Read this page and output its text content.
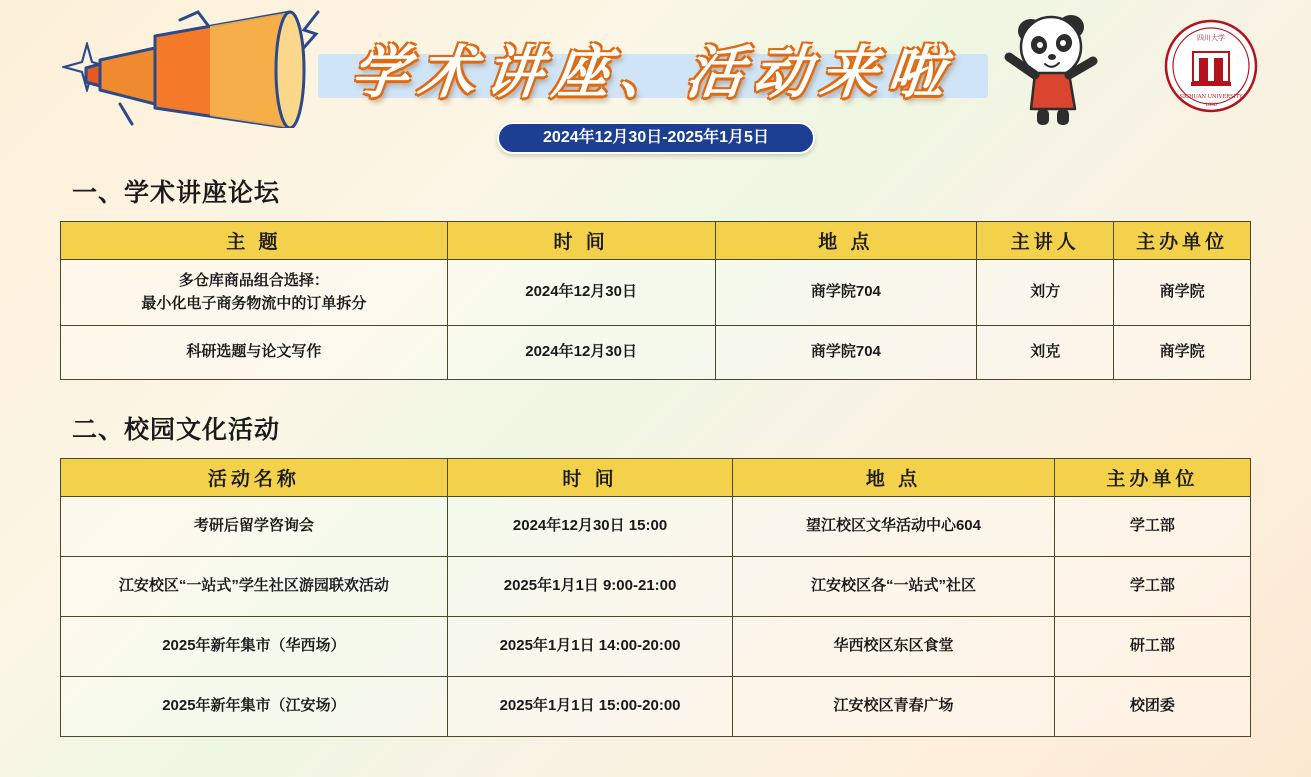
学术讲座、活动来啦
2024年12月30日-2025年1月5日
四川大学
SICHUAN UNIVERSITY
1896
一、学术讲座论坛
主 题	时 间	地 点	主讲人	主办单位

多仓库商品组合选择：
最小化电子商务物流中的订单拆分	2024年12月30日	商学院704	刘方	商学院
科研选题与论文写作	2024年12月30日	商学院704	刘克	商学院
二、校园文化活动
活动名称	时 间	地 点	主办单位
考研后留学咨询会	2024年12月30日 15:00	望江校区文华活动中心604	学工部
江安校区“一站式”学生社区游园联欢活动	2025年1月1日 9:00-21:00	江安校区各“一站式”社区	学工部
2025年新年集市（华西场）	2025年1月1日 14:00-20:00	华西校区东区食堂	研工部
2025年新年集市（江安场）	2025年1月1日 15:00-20:00	江安校区青春广场	校团委
